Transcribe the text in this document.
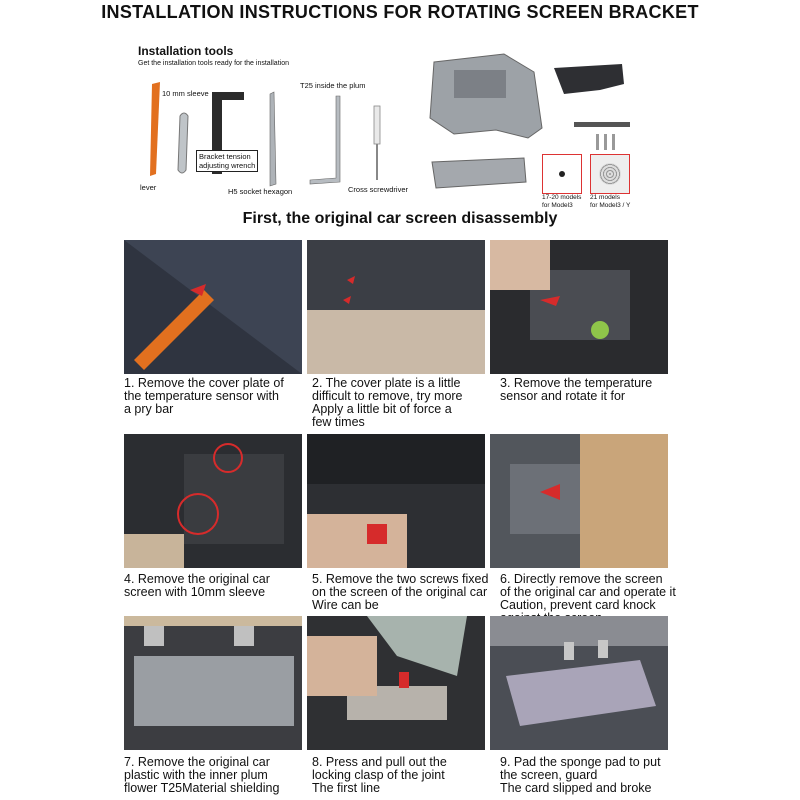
INSTALLATION INSTRUCTIONS FOR ROTATING SCREEN BRACKET
Installation tools
Get the installation tools ready for the installation
10 mm sleeve
T25 inside the plum
Bracket tension
adjusting wrench
lever	H5 socket hexagon	Cross screwdriver
17-20 models
for Model3
21 models
for Model3 / Y
First, the original car screen disassembly
1. Remove the cover plate of
the temperature sensor with
a pry bar
2. The cover plate is a little
difficult to remove, try more
Apply a little bit of force a
few times
3. Remove the temperature
sensor and rotate it for
4. Remove the original car
screen with 10mm sleeve
5. Remove the two screws fixed
on the screen of the original car
Wire can be
6. Directly remove the screen
of the original car and operate it
Caution, prevent card knock

7. Remove the original car
plastic with the inner plum
flower T25Material shielding
8. Press and pull out the
locking clasp of the joint
The first line
9. Pad the sponge pad to put
the screen, guard
The card slipped and broke
